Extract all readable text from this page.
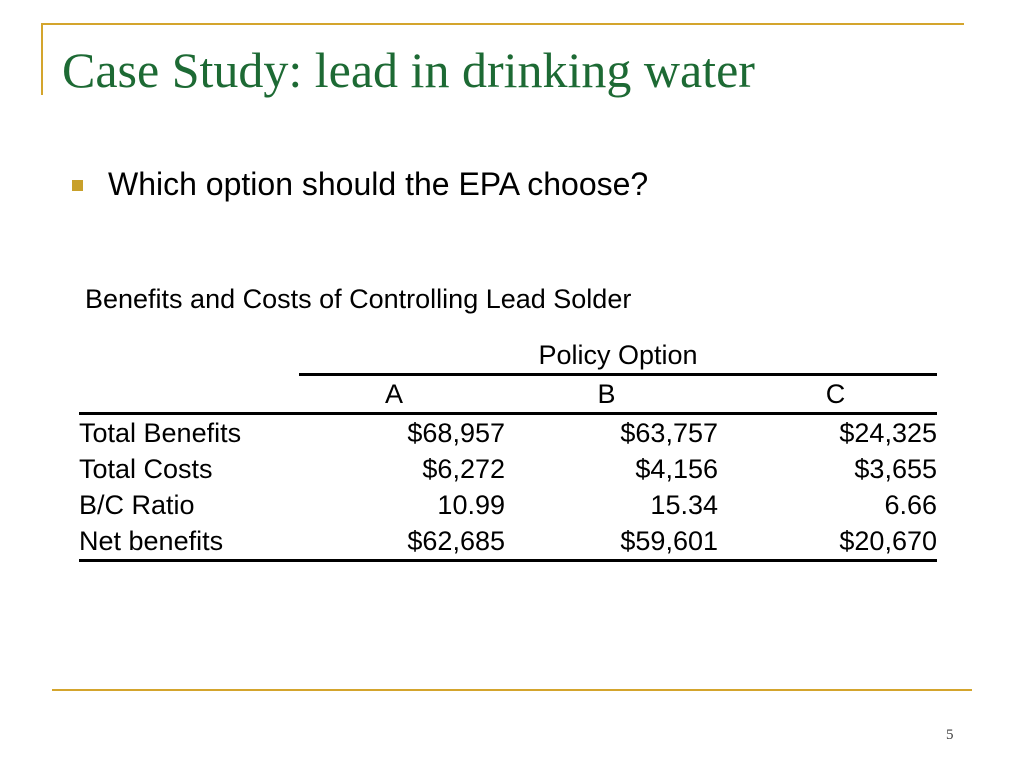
Case Study: lead in drinking water
Which option should the EPA choose?
Benefits and Costs of Controlling Lead Solder
	Policy Option		
	A	B	C
Total Benefits	$68,957	$63,757	$24,325
Total Costs	$6,272	$4,156	$3,655
B/C Ratio	10.99	15.34	6.66
Net benefits	$62,685	$59,601	$20,670
5
